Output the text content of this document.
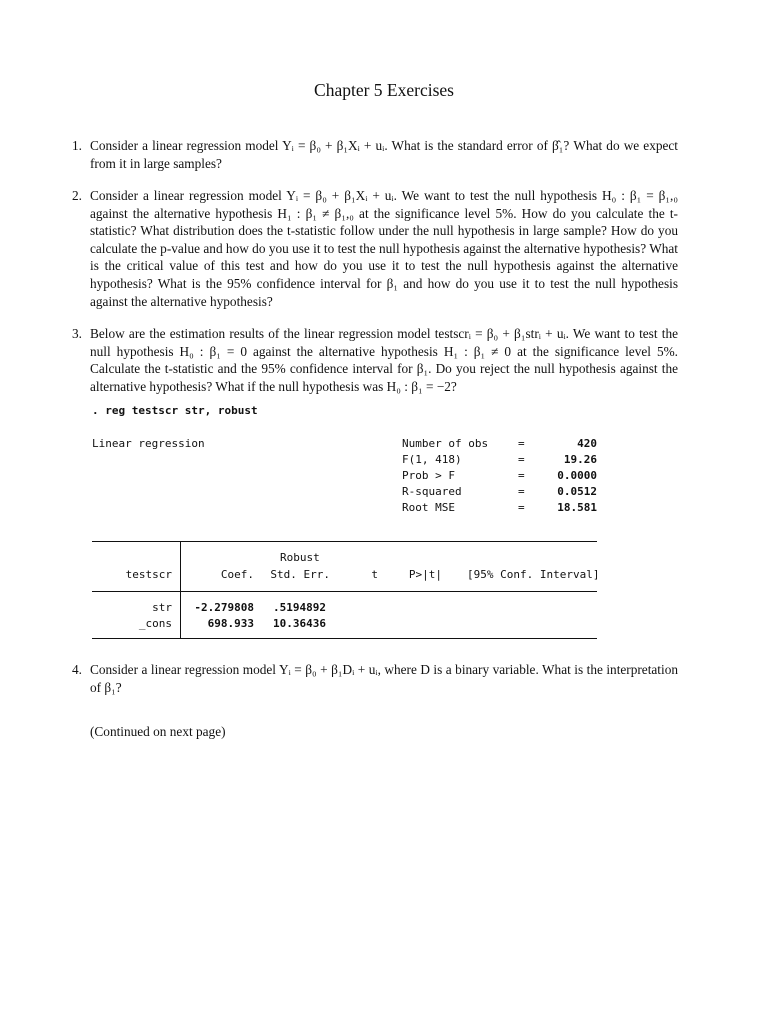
Chapter 5 Exercises
1. Consider a linear regression model Yᵢ = β₀ + β₁Xᵢ + uᵢ. What is the standard error of β̂₁? What do we expect from it in large samples?
2. Consider a linear regression model Yᵢ = β₀ + β₁Xᵢ + uᵢ. We want to test the null hypothesis H₀ : β₁ = β₁,₀ against the alternative hypothesis H₁ : β₁ ≠ β₁,₀ at the significance level 5%. How do you calculate the t-statistic? What distribution does the t-statistic follow under the null hypothesis in large sample? How do you calculate the p-value and how do you use it to test the null hypothesis against the alternative hypothesis? What is the critical value of this test and how do you use it to test the null hypothesis against the alternative hypothesis? What is the 95% confidence interval for β₁ and how do you use it to test the null hypothesis against the alternative hypothesis?
3. Below are the estimation results of the linear regression model testscrᵢ = β₀ + β₁strᵢ + uᵢ. We want to test the null hypothesis H₀ : β₁ = 0 against the alternative hypothesis H₁ : β₁ ≠ 0 at the significance level 5%. Calculate the t-statistic and the 95% confidence interval for β₁. Do you reject the null hypothesis against the alternative hypothesis? What if the null hypothesis was H₀ : β₁ = −2?
. reg testscr str, robust
Linear regression	Number of obs	=	420
F(1, 418)	=	19.26
Prob > F	=	0.0000
R-squared	=	0.0512
Root MSE	=	18.581
Robust
testscr	Coef.	Std. Err.	t	P>|t| [95% Conf. Interval]
str	-2.279808	.5194892
_cons	698.933	10.36436
4. Consider a linear regression model Yᵢ = β₀ + β₁Dᵢ + uᵢ, where D is a binary variable. What is the interpretation of β₁?
(Continued on next page)
